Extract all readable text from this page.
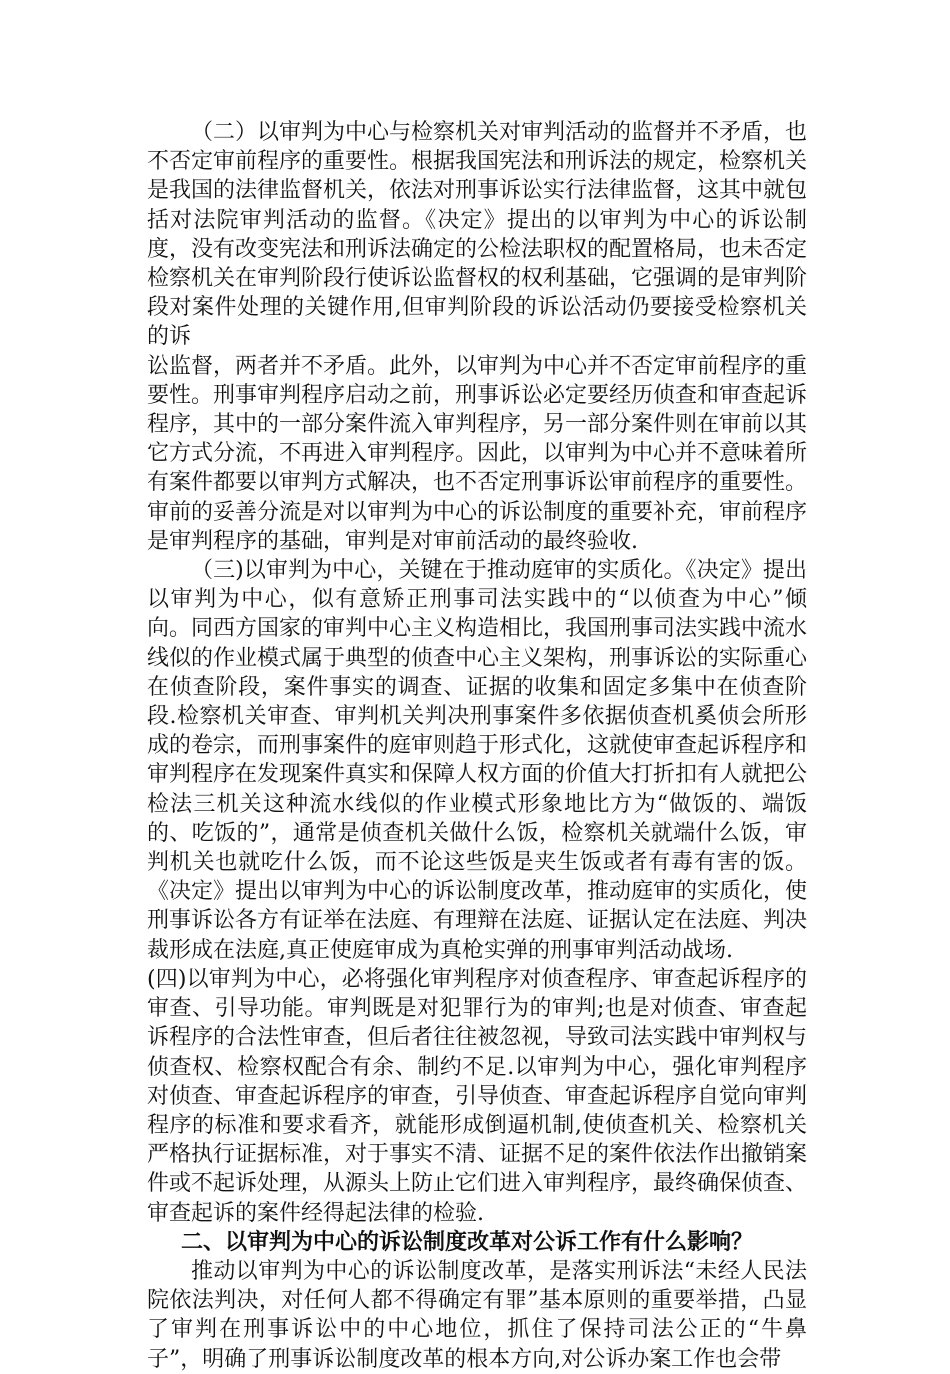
（二）以审判为中心与检察机关对审判活动的监督并不矛盾，也不否定审前程序的重要性。根据我国宪法和刑诉法的规定，检察机关是我国的法律监督机关，依法对刑事诉讼实行法律监督，这其中就包括对法院审判活动的监督。《决定》提出的以审判为中心的诉讼制度，没有改变宪法和刑诉法确定的公检法职权的配置格局，也未否定检察机关在审判阶段行使诉讼监督权的权利基础，它强调的是审判阶段对案件处理的关键作用,但审判阶段的诉讼活动仍要接受检察机关的诉

讼监督，两者并不矛盾。此外，以审判为中心并不否定审前程序的重要性。刑事审判程序启动之前，刑事诉讼必定要经历侦查和审查起诉程序，其中的一部分案件流入审判程序，另一部分案件则在审前以其它方式分流，不再进入审判程序。因此，以审判为中心并不意味着所有案件都要以审判方式解决，也不否定刑事诉讼审前程序的重要性。审前的妥善分流是对以审判为中心的诉讼制度的重要补充，审前程序是审判程序的基础，审判是对审前活动的最终验收.

（三)以审判为中心，关键在于推动庭审的实质化。《决定》提出以审判为中心，似有意矫正刑事司法实践中的“以侦查为中心”倾向。同西方国家的审判中心主义构造相比，我国刑事司法实践中流水线似的作业模式属于典型的侦查中心主义架构，刑事诉讼的实际重心在侦查阶段，案件事实的调查、证据的收集和固定多集中在侦查阶段.检察机关审查、审判机关判决刑事案件多依据侦查机奚侦会所形成的卷宗，而刑事案件的庭审则趋于形式化，这就使审查起诉程序和审判程序在发现案件真实和保障人权方面的价值大打折扣有人就把公检法三机关这种流水线似的作业模式形象地比方为“做饭的、端饭的、吃饭的”，通常是侦查机关做什么饭，检察机关就端什么饭，审判机关也就吃什么饭，而不论这些饭是夹生饭或者有毒有害的饭。《决定》提出以审判为中心的诉讼制度改革，推动庭审的实质化，使刑事诉讼各方有证举在法庭、有理辩在法庭、证据认定在法庭、判决裁形成在法庭,真正使庭审成为真枪实弹的刑事审判活动战场.

(四)以审判为中心，必将强化审判程序对侦查程序、审查起诉程序的审查、引导功能。审判既是对犯罪行为的审判;也是对侦查、审查起诉程序的合法性审查，但后者往往被忽视，导致司法实践中审判权与侦查权、检察权配合有余、制约不足.以审判为中心，强化审判程序对侦查、审查起诉程序的审查，引导侦查、审查起诉程序自觉向审判程序的标准和要求看齐，就能形成倒逼机制,使侦查机关、检察机关严格执行证据标准，对于事实不清、证据不足的案件依法作出撤销案件或不起诉处理，从源头上防止它们进入审判程序，最终确保侦查、审查起诉的案件经得起法律的检验.

二、以审判为中心的诉讼制度改革对公诉工作有什么影响？

推动以审判为中心的诉讼制度改革，是落实刑诉法“未经人民法院依法判决，对任何人都不得确定有罪”基本原则的重要举措，凸显了审判在刑事诉讼中的中心地位，抓住了保持司法公正的“牛鼻子”，明确了刑事诉讼制度改革的根本方向,对公诉办案工作也会带
